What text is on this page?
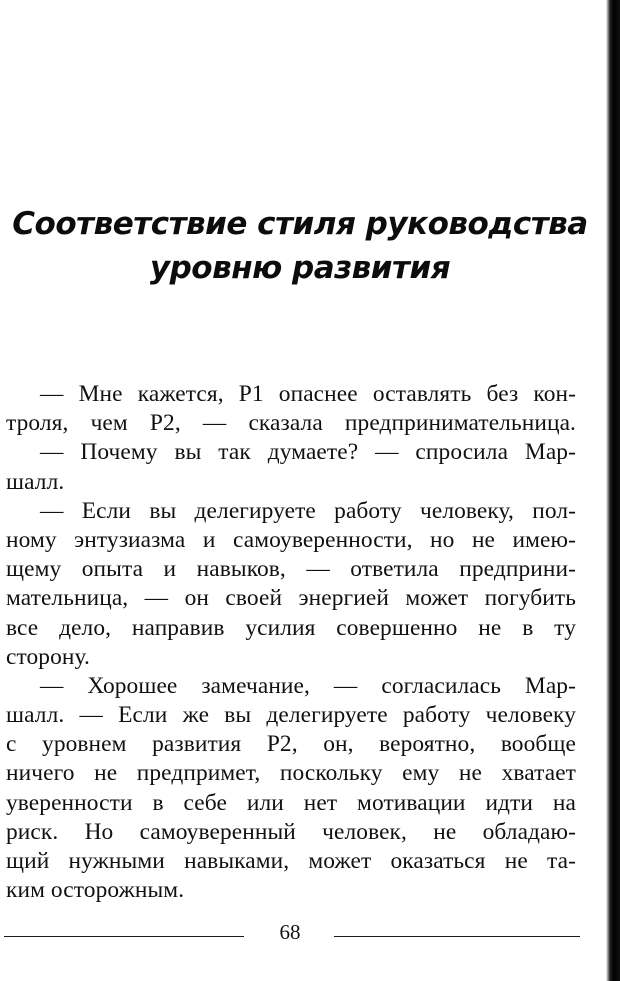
Соответствие стиля руководства
уровню развития
— Мне кажется, Р1 опаснее оставлять без кон-
троля, чем Р2, — сказала предпринимательница.
— Почему вы так думаете? — спросила Мар-
шалл.
— Если вы делегируете работу человеку, пол-
ному энтузиазма и самоуверенности, но не имею-
щему опыта и навыков, — ответила предприни-
мательница, — он своей энергией может погубить
все дело, направив усилия совершенно не в ту
сторону.
— Хорошее замечание, — согласилась Мар-
шалл. — Если же вы делегируете работу человеку
с уровнем развития Р2, он, вероятно, вообще
ничего не предпримет, поскольку ему не хватает
уверенности в себе или нет мотивации идти на
риск. Но самоуверенный человек, не обладаю-
щий нужными навыками, может оказаться не та-
ким осторожным.
68
